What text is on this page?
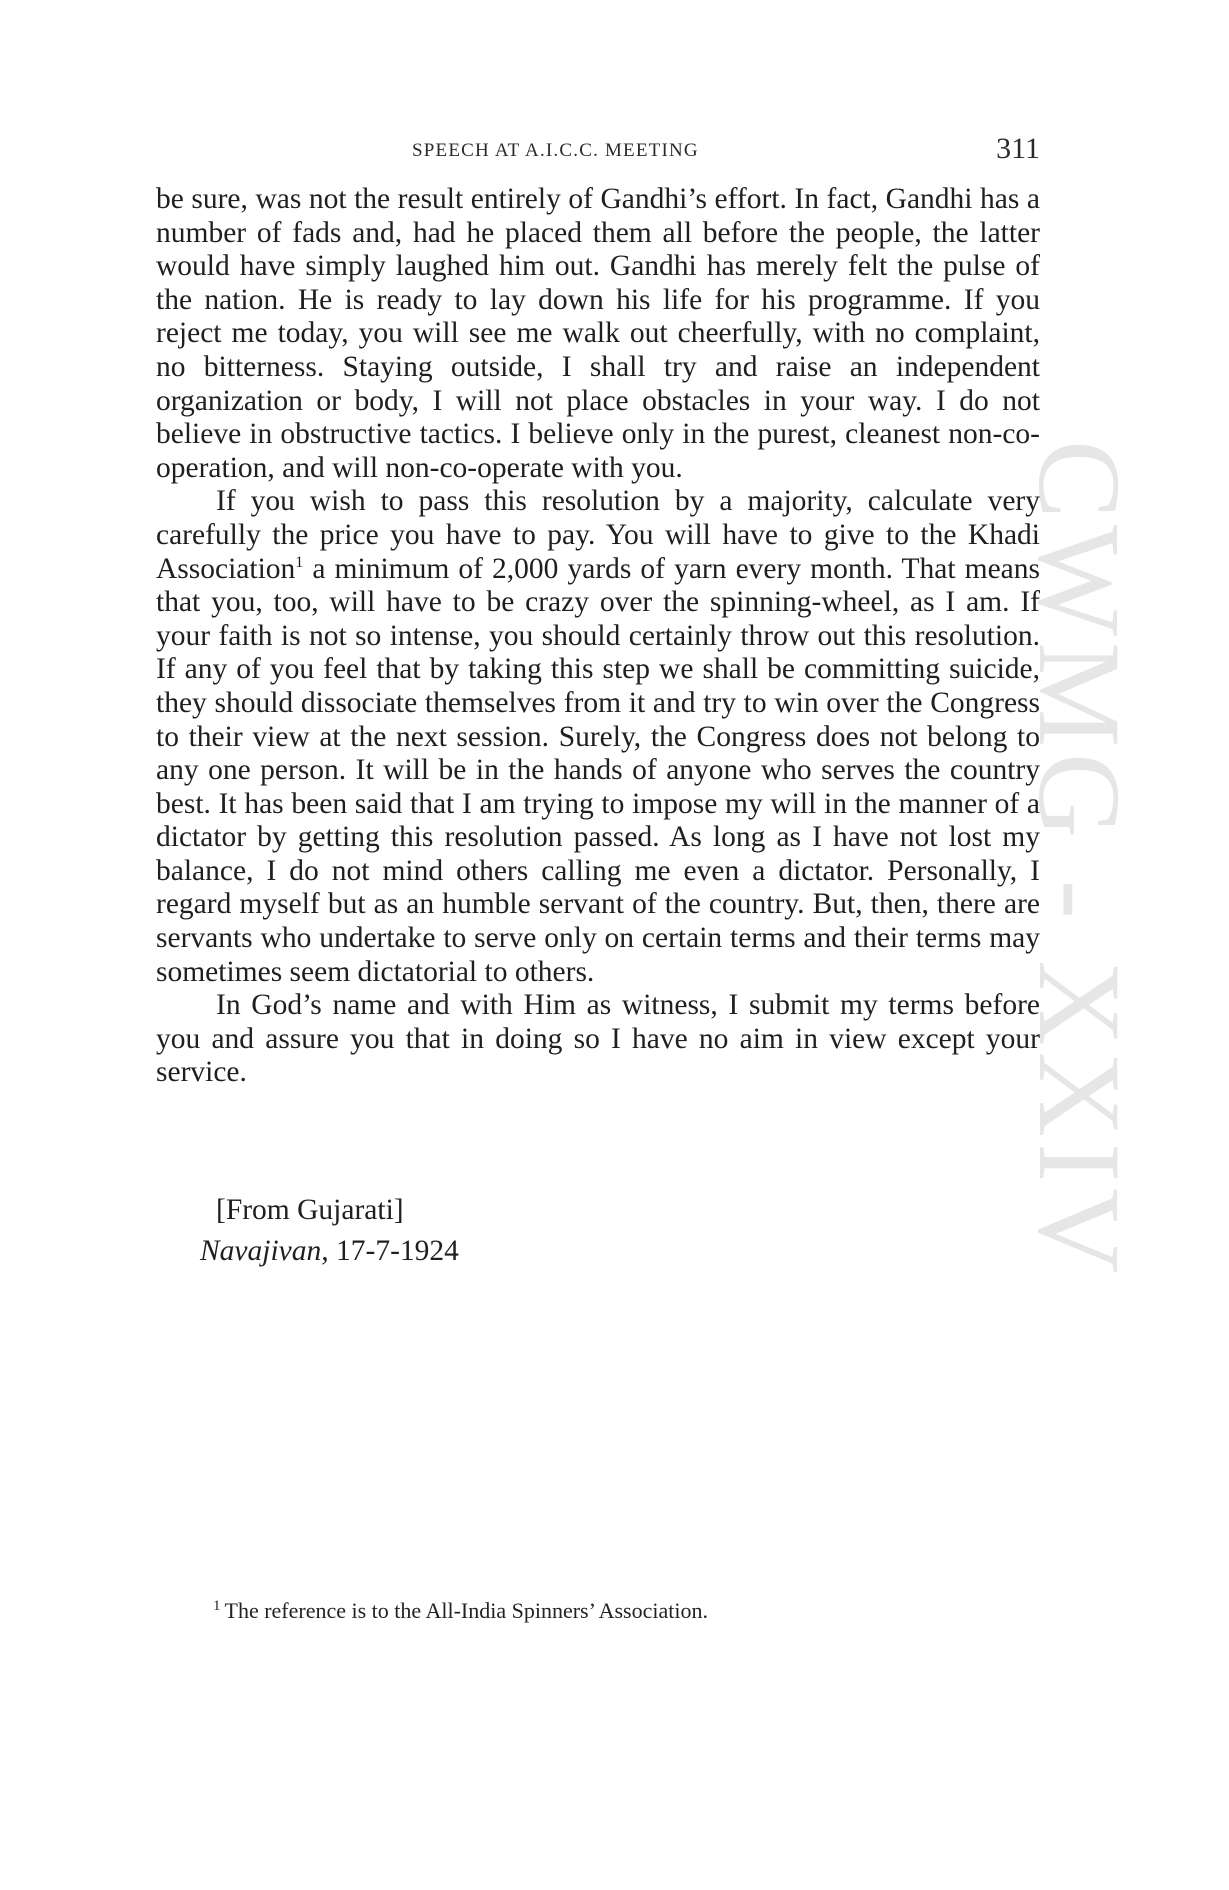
CWMG - XXIV
SPEECH AT A.I.C.C. MEETING	311

be sure, was not the result entirely of Gandhi’s effort. In fact, Gandhi has a number of fads and, had he placed them all before the people, the latter would have simply laughed him out. Gandhi has merely felt the pulse of the nation. He is ready to lay down his life for his programme. If you reject me today, you will see me walk out cheerfully, with no complaint, no bitterness. Staying outside, I shall try and raise an independent organization or body, I will not place obstacles in your way. I do not believe in obstructive tactics. I believe only in the purest, cleanest non-co-operation, and will non-co-operate with you.

If you wish to pass this resolution by a majority, calculate very carefully the price you have to pay. You will have to give to the Khadi Association$^1$ a minimum of 2,000 yards of yarn every month. That means that you, too, will have to be crazy over the spinning-wheel, as I am. If your faith is not so intense, you should certainly throw out this resolution. If any of you feel that by taking this step we shall be committing suicide, they should dissociate themselves from it and try to win over the Congress to their view at the next session. Surely, the Congress does not belong to any one person. It will be in the hands of anyone who serves the country best. It has been said that I am trying to impose my will in the manner of a dictator by getting this resolution passed. As long as I have not lost my balance, I do not mind others calling me even a dictator. Personally, I regard myself but as an humble servant of the country. But, then, there are servants who undertake to serve only on certain terms and their terms may sometimes seem dictatorial to others.

In God’s name and with Him as witness, I submit my terms before you and assure you that in doing so I have no aim in view except your service.

[From Gujarati]
Navajivan, 17-7-1924
$^1$ The reference is to the All-India Spinners’ Association.
